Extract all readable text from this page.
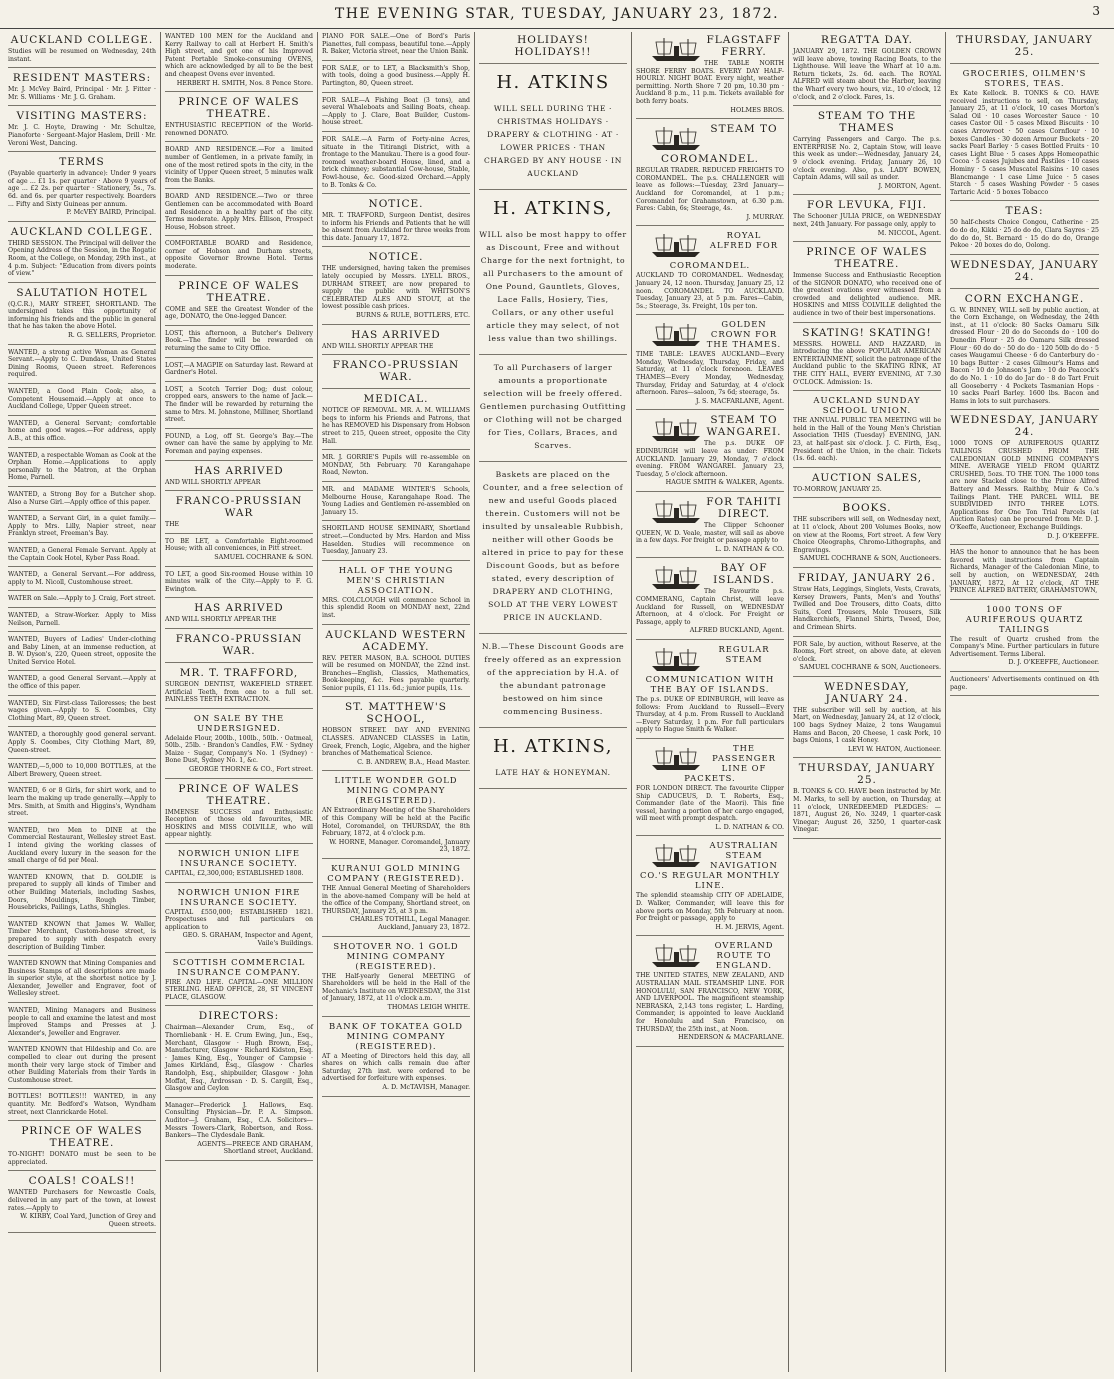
THE EVENING STAR, TUESDAY, JANUARY 23, 1872.	3
AUCKLAND COLLEGE.
Studies will be resumed on Wednesday, 24th instant.
RESIDENT MASTERS:
Mr. J. McVey Baird, Principal · Mr. J. Fitter · Mr. S. Williams · Mr. J. G. Graham.
VISITING MASTERS:
Mr. J. C. Hoyte, Drawing · Mr. Schultze, Pianoforte · Sergeant-Major Haslem, Drill · Mr. Veroni West, Dancing.
TERMS
(Payable quarterly in advance): Under 9 years of age ... £1 1s. per quarter · Above 9 years of age ... £2 2s. per quarter · Stationery, 5s., 7s. 6d. and 6s. per quarter respectively. Boarders ... Fifty and Sixty Guineas per annum.
P. McVEY BAIRD, Principal.
AUCKLAND COLLEGE.
THIRD SESSION. The Principal will deliver the Opening Address of the Session, in the Rogatic Room, at the College, on Monday, 29th inst., at 4 p.m. Subject: "Education from divers points of view."
SALUTATION HOTEL
(Q.C.R.), MARY STREET, SHORTLAND. The undersigned takes this opportunity of informing his friends and the public in general that he has taken the above Hotel.
R. G. SELLERS, Proprietor.
WANTED, a strong active Woman as General Servant.—Apply to C. Dundass, United States Dining Rooms, Queen street. References required.
WANTED, a Good Plain Cook; also, a Competent Housemaid.—Apply at once to Auckland College, Upper Queen street.
WANTED, a General Servant; comfortable home and good wages.—For address, apply A.B., at this office.
WANTED, a respectable Woman as Cook at the Orphan Home.—Applications to apply personally to the Matron, at the Orphan Home, Parnell.
WANTED, a Strong Boy for a Butcher shop. Also a Nurse Girl.—Apply office of this paper.
WANTED, a Servant Girl, in a quiet family.—Apply to Mrs. Lilly, Napier street, near Franklyn street, Freeman's Bay.
WANTED, a General Female Servant. Apply at the Captain Cook Hotel, Kyber Pass Road.
WANTED, a General Servant.—For address, apply to M. Nicoll, Customhouse street.
WATER on Sale.—Apply to J. Craig, Fort street.
WANTED, a Straw-Worker. Apply to Miss Neilson, Parnell.
WANTED, Buyers of Ladies' Under-clothing and Baby Linen, at an immense reduction, at B. W. Dyson's, 220, Queen street, opposite the United Service Hotel.
WANTED, a good General Servant.—Apply at the office of this paper.
WANTED, Six First-class Tailoresses; the best wages given.—Apply to S. Coombes, City Clothing Mart, 89, Queen street.
WANTED, a thoroughly good general servant. Apply S. Coombes, City Clothing Mart, 89, Queen-street.
WANTED,—5,000 to 10,000 BOTTLES, at the Albert Brewery, Queen street.
WANTED, 6 or 8 Girls, for shirt work, and to learn the making up trade generally.—Apply to Mrs. Smith, at Smith and Higgins's, Wyndham street.
WANTED, two Men to DINE at the Commercial Restaurant, Wellesley street East. I intend giving the working classes of Auckland every luxury in the season for the small charge of 6d per Meal.
WANTED KNOWN, that D. GOLDIE is prepared to supply all kinds of Timber and other Building Materials, including Sashes, Doors, Mouldings, Rough Timber, Housebricks, Pailings, Laths, Shingles.
WANTED KNOWN that James W. Waller, Timber Merchant, Custom-house street, is prepared to supply with despatch every description of Building Timber.
WANTED KNOWN that Mining Companies and Business Stamps of all descriptions are made in superior style, at the shortest notice by J. Alexander, Jeweller and Engraver, foot of Wellesley street.
WANTED, Mining Managers and Business people to call and examine the latest and most improved Stamps and Presses at J. Alexander's, Jeweller and Engraver.
WANTED KNOWN that Hildeship and Co. are compelled to clear out during the present month their very large stock of Timber and other Building Materials from their Yards in Customhouse street.
BOTTLES! BOTTLES!!! WANTED, in any quantity. Mr. Bedford's Watson, Wyndham street, next Clanrickarde Hotel.
PRINCE OF WALES THEATRE.
TO-NIGHT! DONATO must be seen to be appreciated.
COALS! COALS!!
WANTED Purchasers for Newcastle Coals, delivered in any part of the town, at lowest rates.—Apply to
W. KIRBY, Coal Yard, Junction of Grey and Queen streets.
WANTED 100 MEN for the Auckland and Kerry Railway to call at Herbert H. Smith's High street, and get one of his Improved Patent Portable Smoke-consuming OVENS, which are acknowledged by all to be the best and cheapest Ovens ever invented.
HERBERT H. SMITH, Nos. 8 Pence Store.
PRINCE OF WALES THEATRE.
ENTHUSIASTIC RECEPTION of the World-renowned DONATO.
BOARD AND RESIDENCE.—For a limited number of Gentlemen, in a private family, in one of the most retired spots in the city, in the vicinity of Upper Queen street, 5 minutes walk from the Banks.
BOARD AND RESIDENCE.—Two or three Gentlemen can be accommodated with Board and Residence in a healthy part of the city. Terms moderate. Apply Mrs. Ellison, Prospect House, Hobson street.
COMFORTABLE BOARD and Residence, corner of Hobson and Durham streets, opposite Governor Browne Hotel. Terms moderate.
PRINCE OF WALES THEATRE.
COME and SEE the Greatest Wonder of the age, DONATO, the One-legged Dancer.
LOST, this afternoon, a Butcher's Delivery Book.—The finder will be rewarded on returning the same to City Office.
LOST,—A MAGPIE on Saturday last. Reward at Gardner's Hotel.
LOST, a Scotch Terrier Dog; dust colour, cropped ears, answers to the name of Jack.—The finder will be rewarded by returning the same to Mrs. M. Johnstone, Milliner, Shortland street.
FOUND, a Log, off St. George's Bay.—The owner can have the same by applying to Mr. Foreman and paying expenses.
HAS ARRIVED
AND WILL SHORTLY APPEAR
FRANCO-PRUSSIAN WAR
THE
TO BE LET, a Comfortable Eight-roomed House; with all conveniences, in Pitt street.
SAMUEL COCHRANE & SON.
TO LET, a good Six-roomed House within 10 minutes walk of the City.—Apply to F. G. Ewington.
HAS ARRIVED
AND WILL SHORTLY APPEAR THE
FRANCO-PRUSSIAN WAR.
MR. T. TRAFFORD,
SURGEON DENTIST, WAKEFIELD STREET. Artificial Teeth, from one to a full set. PAINLESS TEETH EXTRACTION.
ON SALE BY THE UNDERSIGNED.
Adelaide Flour, 200lb., 100lb., 50lb. · Oatmeal, 50lb., 25lb. · Brandon's Candles, F.W. · Sydney Maize · Sugar, Company's No. 1 (Sydney) · Bone Dust, Sydney No. 1, &c.
GEORGE THORNE & CO., Fort street.
PRINCE OF WALES THEATRE.
IMMENSE SUCCESS and Enthusiastic Reception of those old favourites, MR. HOSKINS and MISS COLVILLE, who will appear nightly.
NORWICH UNION LIFE INSURANCE SOCIETY.
CAPITAL, £2,300,000; ESTABLISHED 1808.
NORWICH UNION FIRE INSURANCE SOCIETY.
CAPITAL £550,000; ESTABLISHED 1821. Prospectuses and full particulars on application to
GEO. S. GRAHAM, Inspector and Agent, Vaile's Buildings.
SCOTTISH COMMERCIAL INSURANCE COMPANY.
FIRE AND LIFE. CAPITAL—ONE MILLION STERLING. HEAD OFFICE, 28, ST VINCENT PLACE, GLASGOW.
DIRECTORS:
Chairman—Alexander Crum, Esq., of Thornliebank · H. E. Crum Ewing, Jun., Esq., Merchant, Glasgow · Hugh Brown, Esq., Manufacturer, Glasgow · Richard Kidston, Esq. · James King, Esq., Younger of Campsie · James Kirkland, Esq., Glasgow · Charles Randolph, Esq., shipbuilder, Glasgow · John Moffat, Esq., Ardrossan · D. S. Cargill, Esq., Glasgow and Ceylon
Manager—Frederick J. Hallows, Esq. Consulting Physician—Dr. P. A. Simpson. Auditor—J. Graham, Esq., C.A. Solicitors—Messrs Towers-Clark, Robertson, and Ross. Bankers—The Clydesdale Bank.
AGENTS—PREECE AND GRAHAM, Shortland street, Auckland.
PIANO FOR SALE.—One of Bord's Paris Pianettes, full compass, beautiful tone.—Apply R. Baker, Victoria street, near the Union Bank.
FOR SALE, or to LET, a Blacksmith's Shop, with tools, doing a good business.—Apply H. Partington, 80, Queen street.
FOR SALE—A Fishing Boat (3 tons), and several Whaleboats and Sailing Boats, cheap.—Apply to J. Clare, Boat Builder, Custom-house street.
FOR SALE.—A Farm of Forty-nine Acres, situate in the Titirangi District, with a frontage to the Manukau. There is a good four-roomed weather-board House, lined, and a brick chimney; substantial Cow-house, Stable, Fowl-house, &c. Good-sized Orchard.—Apply to B. Tonks & Co.
NOTICE.
MR. T. TRAFFORD, Surgeon Dentist, desires to inform his Friends and Patients that he will be absent from Auckland for three weeks from this date. January 17, 1872.
NOTICE.
THE undersigned, having taken the premises lately occupied by Messrs. LYELL BROS., DURHAM STREET, are now prepared to supply the public with WHITSON'S CELEBRATED ALES AND STOUT, at the lowest possible cash prices.
BURNS & RULE, BOTTLERS, ETC.
HAS ARRIVED
AND WILL SHORTLY APPEAR THE
FRANCO-PRUSSIAN WAR.
MEDICAL.
NOTICE OF REMOVAL. MR. A. M. WILLIAMS begs to inform his Friends and Patrons, that he has REMOVED his Dispensary from Hobson street to 215, Queen street, opposite the City Hall.
MR. J. GORRIE'S Pupils will re-assemble on MONDAY, 5th February. 70 Karangahape Road, Newton.
MR. and MADAME WINTER'S Schools, Melbourne House, Karangahape Road. The Young Ladies and Gentlemen re-assembled on January 15.
SHORTLAND HOUSE SEMINARY, Shortland street.—Conducted by Mrs. Hardon and Miss Haselden. Studies will recommence on Tuesday, January 23.
HALL OF THE YOUNG MEN'S CHRISTIAN ASSOCIATION.
MRS. COLCLOUGH will commence School in this splendid Room on MONDAY next, 22nd inst.
AUCKLAND WESTERN ACADEMY.
REV. PETER MASON, B.A. SCHOOL DUTIES will be resumed on MONDAY, the 22nd inst. Branches—English, Classics, Mathematics, Book-keeping, &c. Fees payable quarterly. Senior pupils, £1 11s. 6d.; junior pupils, 11s.
ST. MATTHEW'S SCHOOL,
HOBSON STREET. DAY AND EVENING CLASSES. ADVANCED CLASSES in Latin, Greek, French, Logic, Algebra, and the higher branches of Mathematical Science.
C. B. ANDREW, B.A., Head Master.
LITTLE WONDER GOLD MINING COMPANY (REGISTERED).
AN Extraordinary Meeting of the Shareholders of this Company will be held at the Pacific Hotel, Coromandel, on THURSDAY, the 8th February, 1872, at 4 o'clock p.m.
W. HORNE, Manager. Coromandel, January 23, 1872.
KURANUI GOLD MINING COMPANY (REGISTERED).
THE Annual General Meeting of Shareholders in the above-named Company will be held at the office of the Company, Shortland street, on THURSDAY, January 25, at 3 p.m.
CHARLES TOTHILL, Legal Manager. Auckland, January 23, 1872.
SHOTOVER NO. 1 GOLD MINING COMPANY (REGISTERED).
THE Half-yearly General MEETING of Shareholders will be held in the Hall of the Mechanic's Institute on WEDNESDAY, the 31st of January, 1872, at 11 o'clock a.m.
THOMAS LEIGH WHITE.
BANK OF TOKATEA GOLD MINING COMPANY (REGISTERED).
AT a Meeting of Directors held this day, all shares on which calls remain due after Saturday, 27th inst. were ordered to be advertised for forfeiture with expenses.
A. D. McTAVISH, Manager.
HOLIDAYS! HOLIDAYS!!
H. ATKINS
WILL SELL DURING THE · CHRISTMAS HOLIDAYS · DRAPERY & CLOTHING · AT · LOWER PRICES · THAN CHARGED BY ANY HOUSE · IN AUCKLAND
H. ATKINS,
WILL also be most happy to offer as Discount, Free and without Charge for the next fortnight, to all Purchasers to the amount of One Pound, Gauntlets, Gloves, Lace Falls, Hosiery, Ties, Collars, or any other useful article they may select, of not less value than two shillings.
To all Purchasers of larger amounts a proportionate selection will be freely offered. Gentlemen purchasing Outfitting or Clothing will not be charged for Ties, Collars, Braces, and Scarves.
Baskets are placed on the Counter, and a free selection of new and useful Goods placed therein. Customers will not be insulted by unsaleable Rubbish, neither will other Goods be altered in price to pay for these Discount Goods, but as before stated, every description of DRAPERY AND CLOTHING, SOLD AT THE VERY LOWEST PRICE IN AUCKLAND.
N.B.—These Discount Goods are freely offered as an expression of the appreciation by H.A. of the abundant patronage bestowed on him since commencing Business.
H. ATKINS,
LATE HAY & HONEYMAN.
FLAGSTAFF FERRY.
THE TABLE NORTH SHORE FERRY BOATS. EVERY DAY HALF-HOURLY. NIGHT BOAT. Every night, weather permitting. North Shore 7 20 pm, 10.30 pm · Auckland 8 p.m., 11 p.m. Tickets available for both ferry boats.
HOLMES BROS.
STEAM TO COROMANDEL.
REGULAR TRADER. REDUCED FREIGHTS TO COROMANDEL. The p.s. CHALLENGER will leave as follows:—Tuesday, 23rd January—Auckland for Coromandel, at 1 p.m.; Coromandel for Grahamstown, at 6.30 p.m. Fares: Cabin, 6s; Steerage, 4s.
J. MURRAY.
ROYAL ALFRED FOR COROMANDEL.
AUCKLAND TO COROMANDEL. Wednesday, January 24, 12 noon. Thursday, January 25, 12 noon. COROMANDEL TO AUCKLAND. Tuesday, January 23, at 5 p.m. Fares—Cabin, 5s.; Steerage, 3s. Freight, 10s per ton.
GOLDEN CROWN FOR THE THAMES.
TIME TABLE: LEAVES AUCKLAND—Every Monday, Wednesday, Thursday, Friday, and Saturday, at 11 o'clock forenoon. LEAVES THAMES—Every Monday, Wednesday, Thursday, Friday and Saturday, at 4 o'clock afternoon. Fares—saloon, 7s 6d; steerage, 5s.
J. S. MACFARLANE, Agent.
STEAM TO WANGAREI.
The p.s. DUKE OF EDINBURGH will leave as under: FROM AUCKLAND. January 29, Monday, 7 o'clock evening. FROM WANGAREI. January 23, Tuesday, 5 o'clock afternoon.
HAGUE SMITH & WALKER, Agents.
FOR TAHITI DIRECT.
The Clipper Schooner QUEEN, W. D. Veale, master, will sail as above in a few days. For freight or passage apply to
L. D. NATHAN & CO.
BAY OF ISLANDS.
The Favourite p.s. COMMERANG, Captain Christ, will leave Auckland for Russell, on WEDNESDAY Afternoon, at 4 o'clock. For Freight or Passage, apply to
ALFRED BUCKLAND, Agent.
REGULAR STEAM COMMUNICATION WITH THE BAY OF ISLANDS.
The p.s. DUKE OF EDINBURGH, will leave as follows: From Auckland to Russell—Every Thursday, at 4 p.m. From Russell to Auckland—Every Saturday, 1 p.m. For full particulars apply to Hague Smith & Walker.
THE PASSENGER LINE OF PACKETS.
FOR LONDON DIRECT. The favourite Clipper Ship CADUCEUS, D. T. Roberts, Esq., Commander (late of the Maori). This fine vessel, having a portion of her cargo engaged, will meet with prompt despatch.
L. D. NATHAN & CO.
AUSTRALIAN STEAM NAVIGATION CO.'S REGULAR MONTHLY LINE.
The splendid steamship CITY OF ADELAIDE, D. Walker, Commander, will leave this for above ports on Monday, 5th February at noon. For freight or passage, apply to
H. M. JERVIS, Agent.
OVERLAND ROUTE TO ENGLAND.
THE UNITED STATES, NEW ZEALAND, AND AUSTRALIAN MAIL STEAMSHIP LINE. FOR HONOLULU, SAN FRANCISCO, NEW YORK, AND LIVERPOOL. The magnificent steamship NEBRASKA, 2,143 tons register, L. Harding, Commander, is appointed to leave Auckland for Honolulu and San Francisco, on THURSDAY, the 25th inst., at Noon.
HENDERSON & MACFARLANE.
REGATTA DAY.
JANUARY 29, 1872. THE GOLDEN CROWN will leave above, towing Racing Boats, to the Lighthouse. Will leave the Wharf at 10 a.m. Return tickets, 2s. 6d. each. The ROYAL ALFRED will steam about the Harbor, leaving the Wharf every two hours, viz., 10 o'clock, 12 o'clock, and 2 o'clock. Fares, 1s.
STEAM TO THE THAMES
Carrying Passengers and Cargo. The p.s. ENTERPRISE No. 2, Captain Stow, will leave this week as under:—Wednesday, January 24, 9 o'clock evening. Friday, January 26, 10 o'clock evening. Also, p.s. LADY BOWEN, Captain Adams, will sail as under.
J. MORTON, Agent.
FOR LEVUKA, FIJI.
The Schooner JULIA PRICE, on WEDNESDAY next, 24th January. For passage only, apply to
M. NICCOL, Agent.
PRINCE OF WALES THEATRE.
Immense Success and Enthusiastic Reception of the SIGNOR DONATO, who received one of the greatest ovations ever witnessed from a crowded and delighted audience. MR. HOSKINS and MISS COLVILLE delighted the audience in two of their best impersonations.
SKATING! SKATING!
MESSRS. HOWELL AND HAZZARD, in introducing the above POPULAR AMERICAN ENTERTAINMENT, solicit the patronage of the Auckland public to the SKATING RINK, AT THE CITY HALL, EVERY EVENING, AT 7.30 O'CLOCK. Admission: 1s.
AUCKLAND SUNDAY SCHOOL UNION.
THE ANNUAL PUBLIC TEA MEETING will be held in the Hall of the Young Men's Christian Association THIS (Tuesday) EVENING, JAN. 23, at half-past six o'clock. J. C. Firth, Esq., President of the Union, in the chair. Tickets (1s. 6d. each).
AUCTION SALES,
TO-MORROW, JANUARY 25.
BOOKS.
THE subscribers will sell, on Wednesday next, at 11 o'clock, About 200 Volumes Books, now on view at the Rooms, Fort street. A few Very Choice Oleographs, Chromo-Lithographs, and Engravings.
SAMUEL COCHRANE & SON, Auctioneers.
FRIDAY, JANUARY 26.
Straw Hats, Leggings, Singlets, Vests, Cravats, Kersey Drawers, Pants, Men's and Youths' Twilled and Doe Trousers, ditto Coats, ditto Suits, Cord Trousers, Mole Trousers, Silk Handkerchiefs, Flannel Shirts, Tweed, Doe, and Crimean Shirts.
FOR Sale, by auction, without Reserve, at the Rooms, Fort street, on above date, at eleven o'clock.
SAMUEL COCHRANE & SON, Auctioneers.
WEDNESDAY, JANUARY 24.
THE subscriber will sell by auction, at his Mart, on Wednesday, January 24, at 12 o'clock, 100 bags Sydney Maize, 2 tons Waugamui Hams and Bacon, 20 Cheese, 1 cask Pork, 10 bags Onions, 1 cask Honey.
LEVI W. HATON, Auctioneer.
THURSDAY, JANUARY 25.
B. TONKS & CO. HAVE been instructed by Mr. M. Marks, to sell by auction, on Thursday, at 11 o'clock, UNREDEEMED PLEDGES: — 1871, August 26, No. 3249, 1 quarter-cask Vinegar; August 26, 3250, 1 quarter-cask Vinegar.
THURSDAY, JANUARY 25.
GROCERIES, OILMEN'S STORES, TEAS.
Ex Kate Kellock. B. TONKS & CO. HAVE received instructions to sell, on Thursday, January 25, at 11 o'clock, 10 cases Morton's Salad Oil · 10 cases Worcester Sauce · 10 cases Castor Oil · 5 cases Mixed Biscuits · 10 cases Arrowroot · 50 cases Cornflour · 10 boxes Candles · 30 dozen Armour Buckets · 20 sacks Pearl Barley · 5 cases Bottled Fruits · 10 cases Light Blue · 5 cases Apps Homeopathic Cocoa · 5 cases Jujubes and Pastiles · 10 cases Hominy · 5 cases Muscatel Raisins · 10 cases Blancmange · 1 case Lime Juice · 5 cases Starch · 5 cases Washing Powder · 5 cases Tartaric Acid · 5 boxes Tobacco
TEAS:
50 half-chests Choice Congou, Catherine · 25 do do do, Kikki · 25 do do do, Clara Sayres · 25 do do do, St. Bernard · 15 do do do, Orange Pekoe · 20 boxes do do, Oolong.
WEDNESDAY, JANUARY 24.
CORN EXCHANGE.
G. W. BINNEY, WILL sell by public auction, at the Corn Exchange, on Wednesday, the 24th inst., at 11 o'clock: 80 Sacks Oamaru Silk dressed Flour · 20 do do Seconds do · 100 do Dunedin Flour · 25 do Oamaru Silk dressed Flour · 60 do do · 50 do do · 120 50lb do do · 5 cases Waugamui Cheese · 6 do Canterbury do · 10 bags Butter · 2 cases Gilmour's Hams and Bacon · 10 do Johnson's Jam · 10 do Peacock's do do No. 1 · 10 do do Jar do · 8 do Tart Fruit all Gooseberry · 4 Pockets Tasmanian Hops · 10 sacks Pearl Barley. 1600 lbs. Bacon and Hams in lots to suit purchasers.
WEDNESDAY, JANUARY 24.
1000 TONS OF AURIFEROUS QUARTZ TAILINGS CRUSHED FROM THE CALEDONIAN GOLD MINING COMPANY'S MINE. AVERAGE YIELD FROM QUARTZ CRUSHED, 5ozs. TO THE TON. The 1000 tons are now Stacked close to the Prince Alfred Battery and Messrs. Raithby, Muir & Co.'s Tailings Plant. THE PARCEL WILL BE SUBDIVIDED INTO THREE LOTS. Applications for One Ton Trial Parcels (at Auction Rates) can be procured from Mr. D. J. O'Keeffe, Auctioneer, Exchange Buildings.
D. J. O'KEEFFE.
HAS the honor to announce that he has been favored with instructions from Captain Richards, Manager of the Caledonian Mine, to sell by auction, on WEDNESDAY, 24th JANUARY, 1872, At 12 o'clock, AT THE PRINCE ALFRED BATTERY, GRAHAMSTOWN,
1000 TONS OF AURIFEROUS QUARTZ TAILINGS
The result of Quartz crushed from the Company's Mine. Further particulars in future Advertisement. Terms Liberal.
D. J. O'KEEFFE, Auctioneer.
Auctioneers' Advertisements continued on 4th page.
